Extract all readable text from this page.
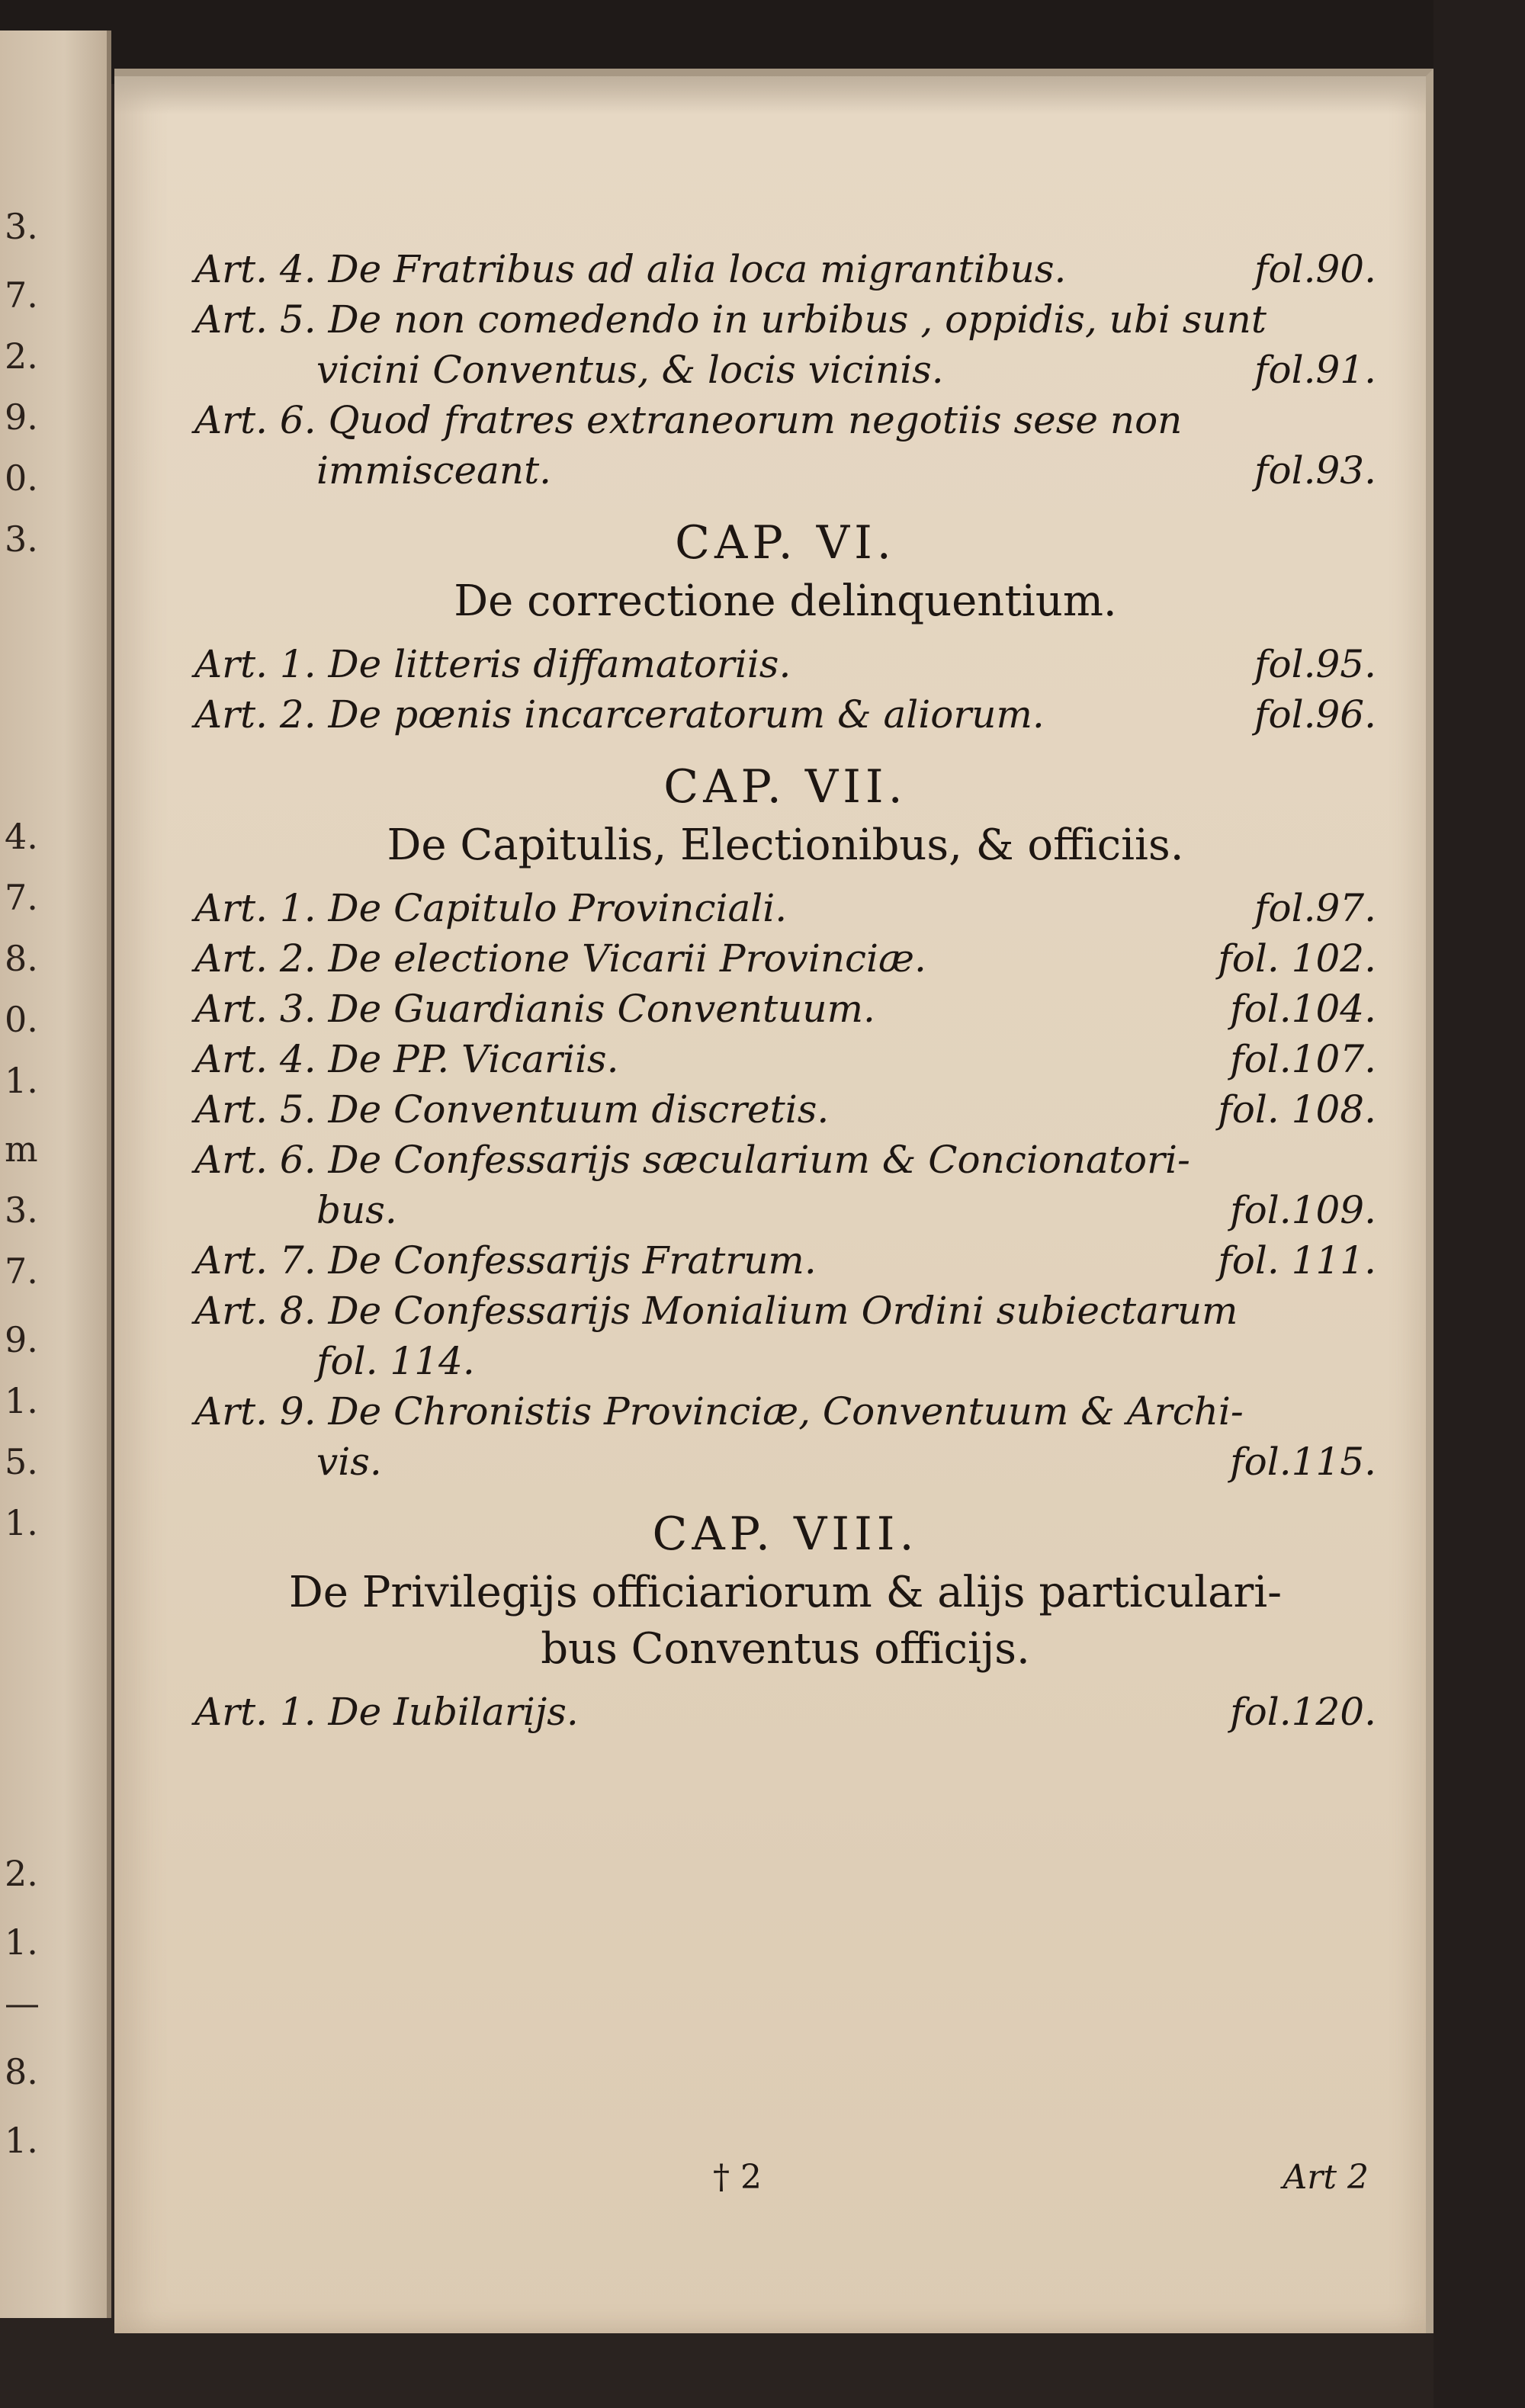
3.
7.
2.
9.
0.
3.
4.
7.
8.
0.
1.
m
3.
7.
9.
1.
5.
1.
2.
1.
—
8.
1.
Art. 4. De Fratribus ad alia loca migrantibus.	fol.90.
Art. 5. De non comedendo in urbibus , oppidis, ubi sunt
vicini Conventus, & locis vicinis.	fol.91.
Art. 6. Quod fratres extraneorum negotiis sese non
immisceant.	fol.93.
CAP. VI.
De correctione delinquentium.
Art. 1. De litteris diffamatoriis.	fol.95.
Art. 2. De pœnis incarceratorum & aliorum.	fol.96.
CAP. VII.
De Capitulis, Electionibus, & officiis.
Art. 1. De Capitulo Provinciali.	fol.97.
Art. 2. De electione Vicarii Provinciæ.	fol. 102.
Art. 3. De Guardianis Conventuum.	fol.104.
Art. 4. De PP. Vicariis.	fol.107.
Art. 5. De Conventuum discretis.	fol. 108.
Art. 6. De Confessarijs sæcularium & Concionatori-
bus.	fol.109.
Art. 7. De Confessarijs Fratrum.	fol. 111.
Art. 8. De Confessarijs Monialium Ordini subiectarum
fol. 114.
Art. 9. De Chronistis Provinciæ, Conventuum & Archi-
vis.	fol.115.
CAP. VIII.
De Privilegijs officiariorum & alijs particulari-
bus Conventus officijs.
Art. 1. De Iubilarijs.	fol.120.
† 2	Art 2
